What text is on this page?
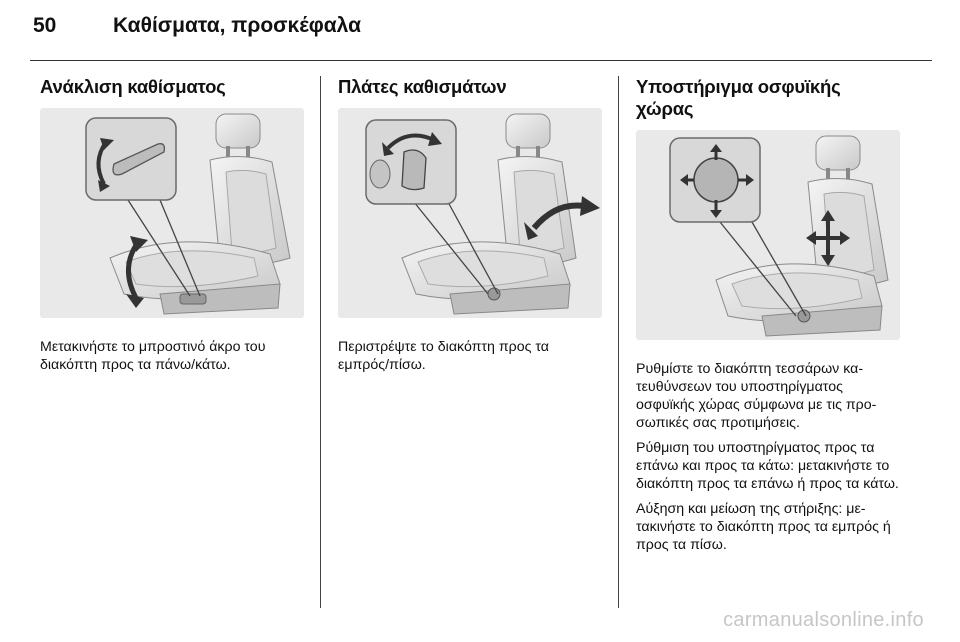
50	Καθίσματα, προσκέφαλα
Ανάκλιση καθίσματος

Μετακινήστε το μπροστινό άκρο του διακόπτη προς τα πάνω/κάτω.

Πλάτες καθισμάτων

Περιστρέψτε το διακόπτη προς τα εμπρός/πίσω.

Υποστήριγμα οσφυϊκής χώρας

Ρυθμίστε το διακόπτη τεσσάρων κα-τευθύνσεων του υποστηρίγματος οσφυϊκής χώρας σύμφωνα με τις προ-σωπικές σας προτιμήσεις.

Ρύθμιση του υποστηρίγματος προς τα επάνω και προς τα κάτω: μετακινήστε το διακόπτη προς τα επάνω ή προς τα κάτω.

Αύξηση και μείωση της στήριξης: με-τακινήστε το διακόπτη προς τα εμπρός ή προς τα πίσω.

carmanualsonline.info
